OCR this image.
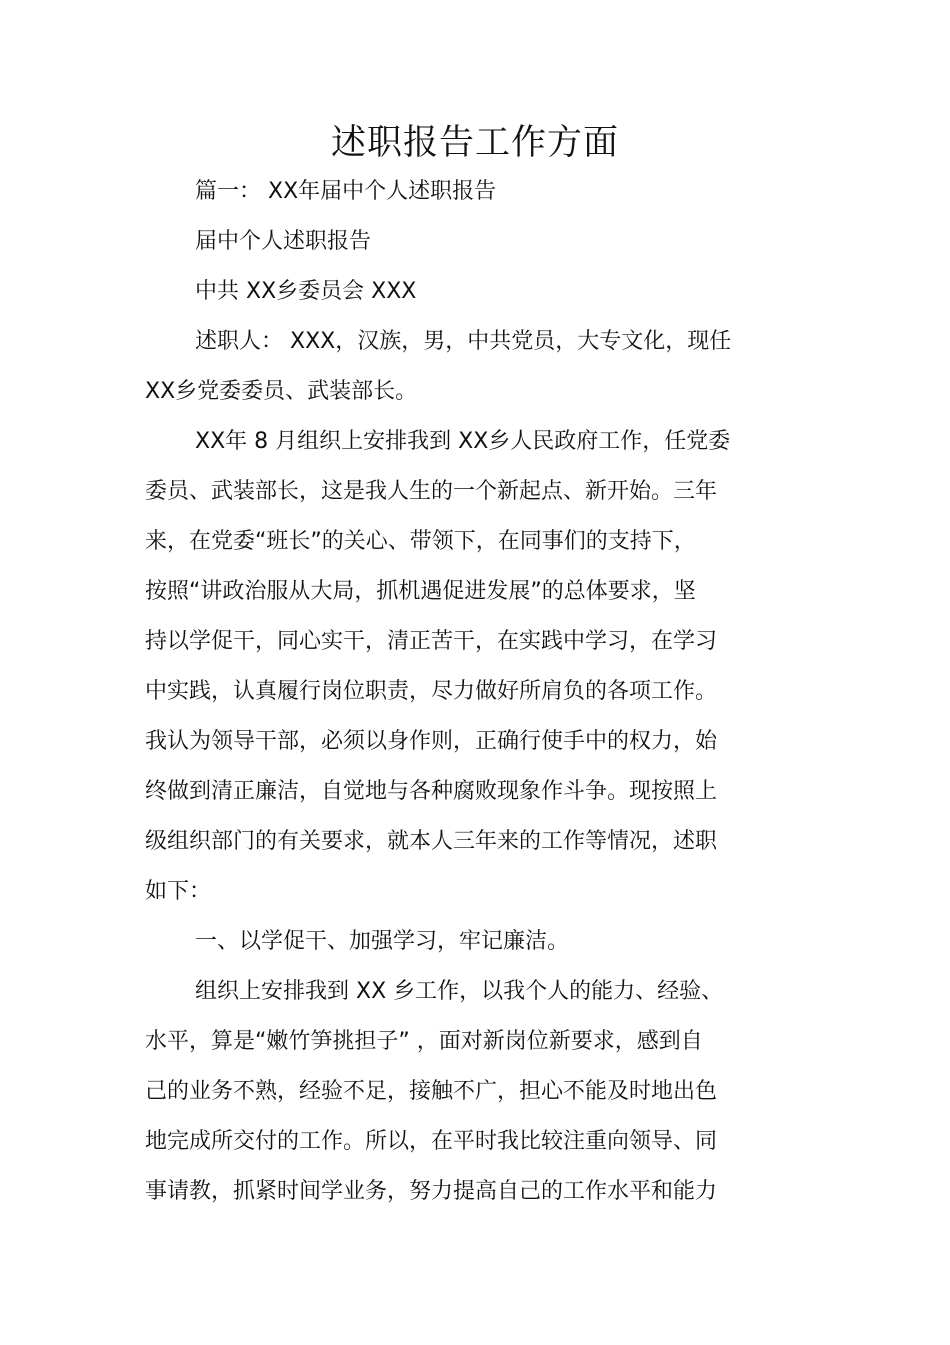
述职报告工作方面
篇一： XX年届中个人述职报告
届中个人述职报告
中共 XX乡委员会 XXX
述职人： XXX，汉族，男，中共党员，大专文化，现任
XX乡党委委员、武装部长。
XX年 8 月组织上安排我到 XX乡人民政府工作，任党委
委员、武装部长，这是我人生的一个新起点、新开始。三年
来，在党委“班长”的关心、带领下，在同事们的支持下，
按照“讲政治服从大局，抓机遇促进发展”的总体要求，坚
持以学促干，同心实干，清正苦干，在实践中学习，在学习
中实践，认真履行岗位职责，尽力做好所肩负的各项工作。
我认为领导干部，必须以身作则，正确行使手中的权力，始
终做到清正廉洁，自觉地与各种腐败现象作斗争。现按照上
级组织部门的有关要求，就本人三年来的工作等情况，述职
如下：
一、以学促干、加强学习，牢记廉洁。
组织上安排我到 XX 乡工作，以我个人的能力、经验、
水平，算是“嫩竹笋挑担子” ，面对新岗位新要求，感到自
己的业务不熟，经验不足，接触不广，担心不能及时地出色
地完成所交付的工作。所以，在平时我比较注重向领导、同
事请教，抓紧时间学业务，努力提高自己的工作水平和能力
